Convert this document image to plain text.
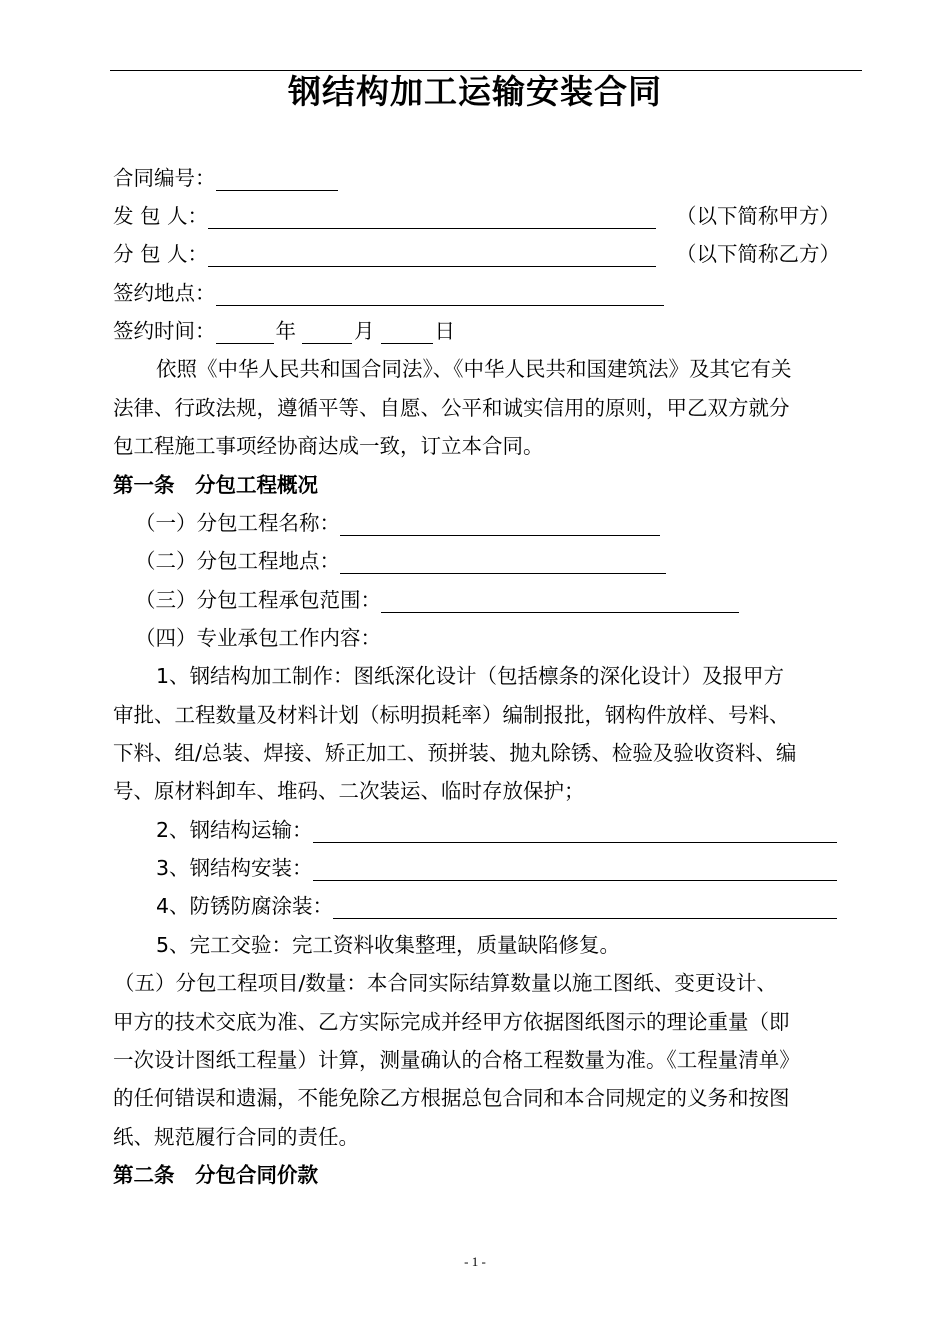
钢结构加工运输安装合同
合同编号：
发 包 人：	（以下简称甲方）
分 包 人：	（以下简称乙方）
签约地点：
签约时间：	年	月	日
依照《中华人民共和国合同法》、《中华人民共和国建筑法》及其它有关
法律、行政法规，遵循平等、自愿、公平和诚实信用的原则，甲乙双方就分
包工程施工事项经协商达成一致，订立本合同。
第一条　分包工程概况
（一）分包工程名称：
（二）分包工程地点：
（三）分包工程承包范围：
（四）专业承包工作内容：
1、钢结构加工制作：图纸深化设计（包括檩条的深化设计）及报甲方
审批、工程数量及材料计划（标明损耗率）编制报批，钢构件放样、号料、
下料、组/总装、焊接、矫正加工、预拼装、抛丸除锈、检验及验收资料、编
号、原材料卸车、堆码、二次装运、临时存放保护；
2、钢结构运输：
3、钢结构安装：
4、防锈防腐涂装：
5、完工交验：完工资料收集整理，质量缺陷修复。
（五）分包工程项目/数量：本合同实际结算数量以施工图纸、变更设计、
甲方的技术交底为准、乙方实际完成并经甲方依据图纸图示的理论重量（即
一次设计图纸工程量）计算，测量确认的合格工程数量为准。《工程量清单》
的任何错误和遗漏，不能免除乙方根据总包合同和本合同规定的义务和按图
纸、规范履行合同的责任。
第二条　分包合同价款
- 1 -
